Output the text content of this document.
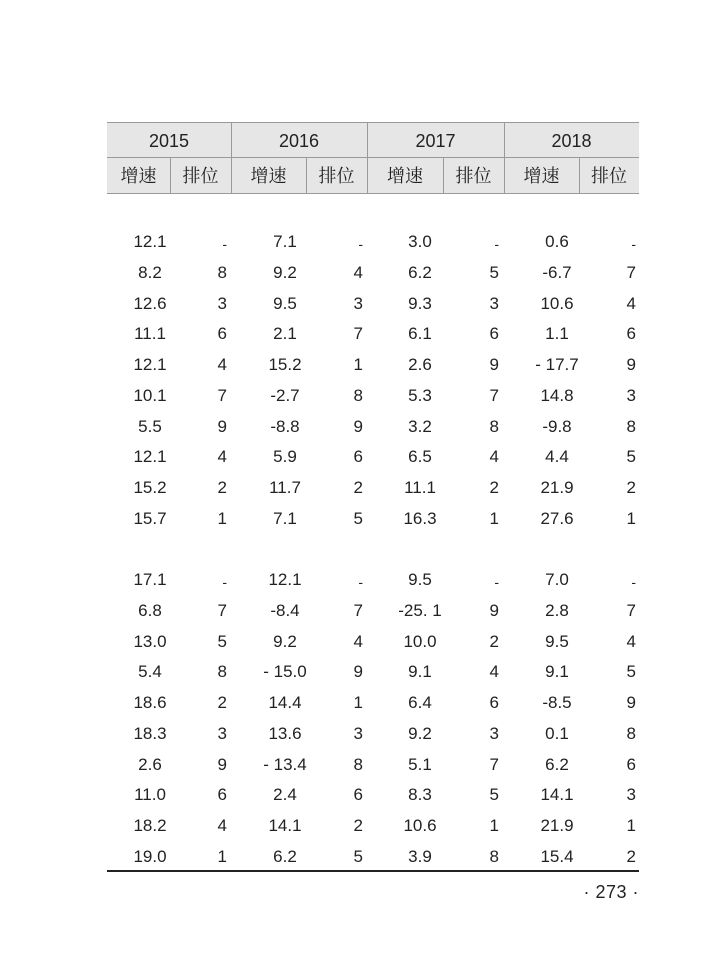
· 273 ·
2015	2016	2017	2018
增速	排位	增速	排位	增速	排位	增速	排位
12.1	-	7.1	-	3.0	-	0.6	-
8.2	8	9.2	4	6.2	5	-6.7	7
12.6	3	9.5	3	9.3	3	10.6	4
11.1	6	2.1	7	6.1	6	1.1	6
12.1	4	15.2	1	2.6	9	- 17.7	9
10.1	7	-2.7	8	5.3	7	14.8	3
5.5	9	-8.8	9	3.2	8	-9.8	8
12.1	4	5.9	6	6.5	4	4.4	5
15.2	2	11.7	2	11.1	2	21.9	2
15.7	1	7.1	5	16.3	1	27.6	1
17.1	-	12.1	-	9.5	-	7.0	-
6.8	7	-8.4	7	-25. 1	9	2.8	7
13.0	5	9.2	4	10.0	2	9.5	4
5.4	8	- 15.0	9	9.1	4	9.1	5
18.6	2	14.4	1	6.4	6	-8.5	9
18.3	3	13.6	3	9.2	3	0.1	8
2.6	9	- 13.4	8	5.1	7	6.2	6
11.0	6	2.4	6	8.3	5	14.1	3
18.2	4	14.1	2	10.6	1	21.9	1
19.0	1	6.2	5	3.9	8	15.4	2
